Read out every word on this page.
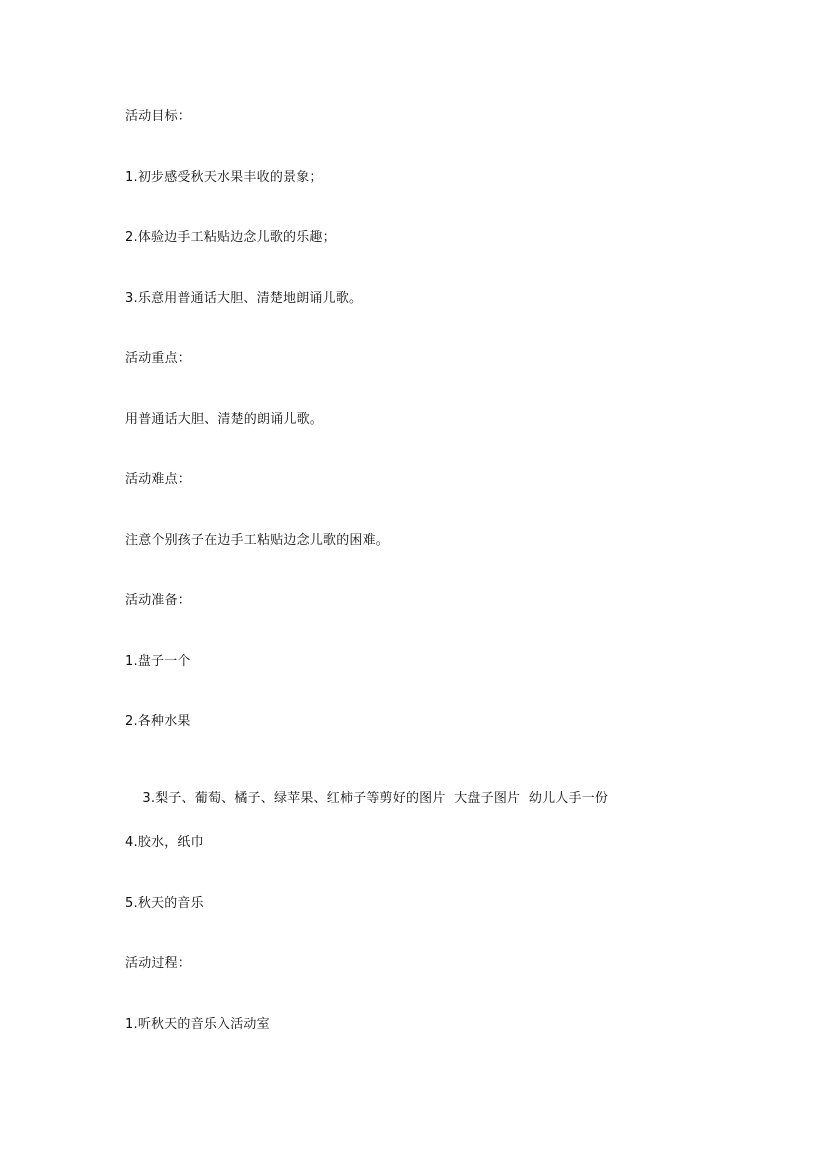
活动目标：
1.初步感受秋天水果丰收的景象；
2.体验边手工粘贴边念儿歌的乐趣；
3.乐意用普通话大胆、清楚地朗诵儿歌。
活动重点：
用普通话大胆、清楚的朗诵儿歌。
活动难点：
注意个别孩子在边手工粘贴边念儿歌的困难。
活动准备：
1.盘子一个
2.各种水果

3.梨子、葡萄、橘子、绿苹果、红柿子等剪好的图片  大盘子图片  幼儿人手一份

4.胶水，纸巾
5.秋天的音乐
活动过程：
1.听秋天的音乐入活动室
